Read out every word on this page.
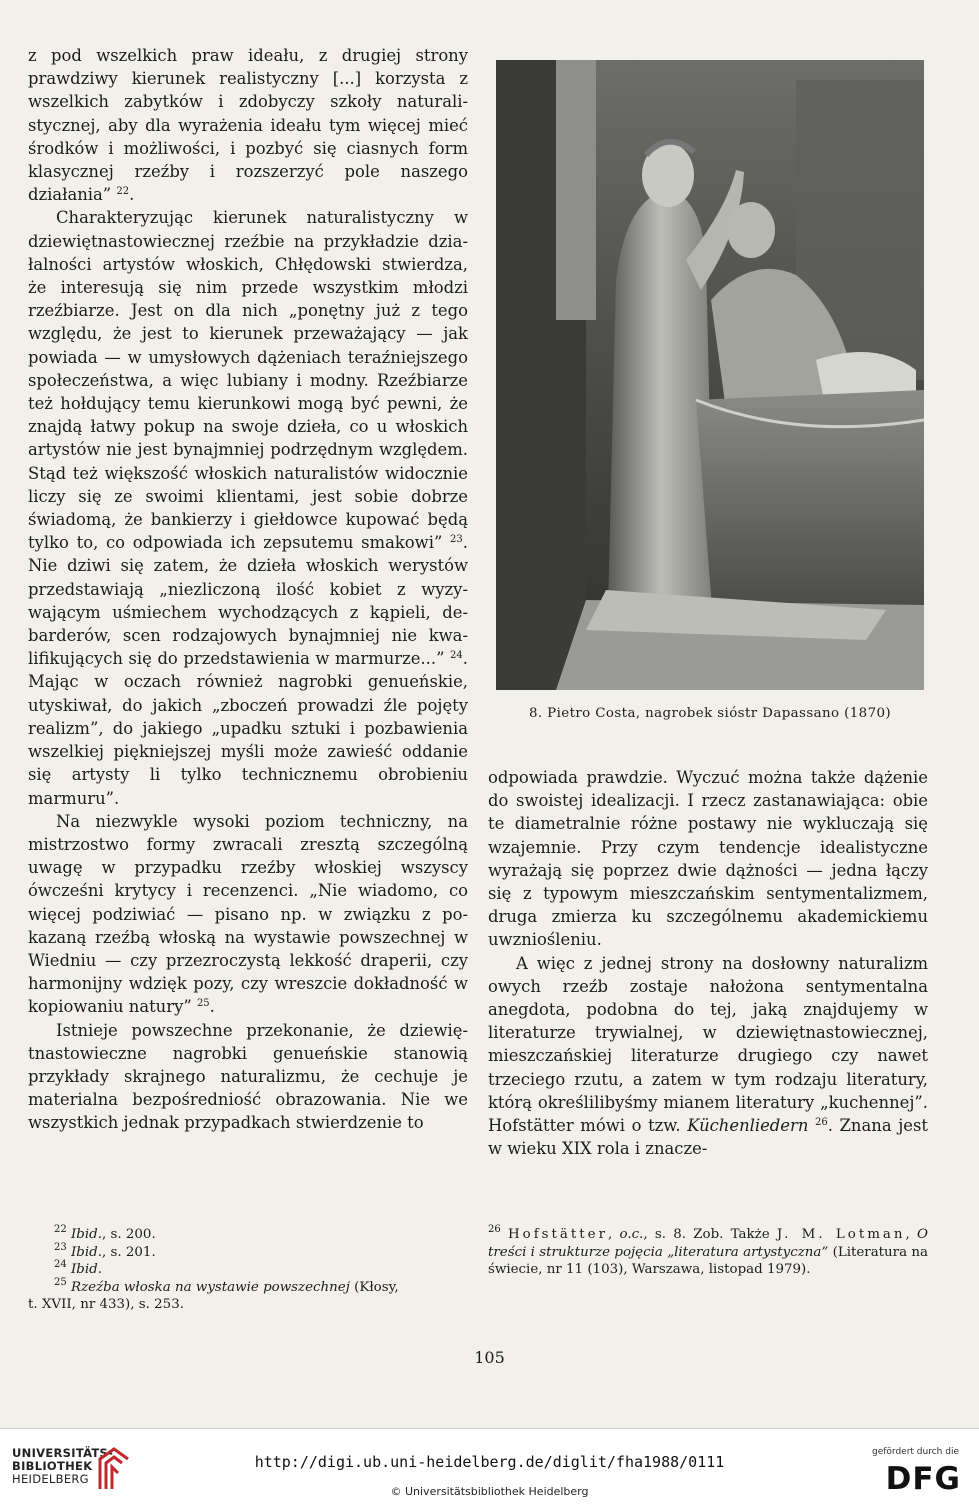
z pod wszelkich praw ideału, z drugiej strony prawdziwy kierunek realistyczny [...] korzysta z wszelkich zabytków i zdobyczy szkoły naturalistycznej, aby dla wyrażenia ideału tym więcej mieć środków i możliwości, i pozbyć się ciasnych form klasycznej rzeźby i rozszerzyć pole naszego działania” $^{22}$.

Charakteryzując kierunek naturalistyczny w dziewiętnastowiecznej rzeźbie na przykładzie działalności artystów włoskich, Chłędowski stwierdza, że interesują się nim przede wszystkim młodzi rzeźbiarze. Jest on dla nich „ponętny już z tego względu, że jest to kierunek przeważający — jak powiada — w umysłowych dążeniach teraźniejszego społeczeństwa, a więc lubiany i modny. Rzeźbiarze też hołdujący temu kierunkowi mogą być pewni, że znajdą łatwy pokup na swoje dzieła, co u włoskich artystów nie jest bynajmniej podrzędnym względem. Stąd też większość włoskich naturalistów widocznie liczy się ze swoimi klientami, jest sobie dobrze świadomą, że bankierzy i giełdowce kupować będą tylko to, co odpowiada ich zepsutemu smakowi” $^{23}$. Nie dziwi się zatem, że dzieła włoskich werystów przedstawiają „niezliczoną ilość kobiet z wyzywającym uśmiechem wychodzących z kąpieli, debarderów, scen rodzajowych bynajmniej nie kwalifikujących się do przedstawienia w marmurze...” $^{24}$. Mając w oczach również nagrobki genueńskie, utyskiwał, do jakich „zboczeń prowadzi źle pojęty realizm”, do jakiego „upadku sztuki i pozbawienia wszelkiej piękniejszej myśli może zawieść oddanie się artysty li tylko technicznemu obrobieniu marmuru”.

Na niezwykle wysoki poziom techniczny, na mistrzostwo formy zwracali zresztą szczególną uwagę w przypadku rzeźby włoskiej wszyscy ówcześni krytycy i recenzenci. „Nie wiadomo, co więcej podziwiać — pisano np. w związku z pokazaną rzeźbą włoską na wystawie powszechnej w Wiedniu — czy przezroczystą lekkość draperii, czy harmonijny wdzięk pozy, czy wreszcie dokładność w kopiowaniu natury” $^{25}$.

Istnieje powszechne przekonanie, że dziewiętnastowieczne nagrobki genueńskie stanowią przykłady skrajnego naturalizmu, że cechuje je materialna bezpośredniość obrazowania. Nie we wszystkich jednak przypadkach stwierdzenie to

8. Pietro Costa, nagrobek sióstr Dapassano (1870)

odpowiada prawdzie. Wyczuć można także dążenie do swoistej idealizacji. I rzecz zastanawiająca: obie te diametralnie różne postawy nie wykluczają się wzajemnie. Przy czym tendencje idealistyczne wyrażają się poprzez dwie dążności — jedna łączy się z typowym mieszczańskim sentymentalizmem, druga zmierza ku szczególnemu akademickiemu uwzniośleniu.

A więc z jednej strony na dosłowny naturalizm owych rzeźb zostaje nałożona sentymentalna anegdota, podobna do tej, jaką znajdujemy w literaturze trywialnej, w dziewiętnastowiecznej, mieszczańskiej literaturze drugiego czy nawet trzeciego rzutu, a zatem w tym rodzaju literatury, którą określilibyśmy mianem literatury „kuchennej”. Hofstätter mówi o tzw. Küchenliedern $^{26}$. Znana jest w wieku XIX rola i znacze-

$^{22}$ Ibid., s. 200.
$^{23}$ Ibid., s. 201.
$^{24}$ Ibid.
$^{25}$ Rzeźba włoska na wystawie powszechnej (Kłosy,
t. XVII, nr 433), s. 253.
$^{26}$ Hofstätter, o.c., s. 8. Zob. Także J. M. Lotman, O treści i strukturze pojęcia „literatura artystyczna” (Literatura na świecie, nr 11 (103), Warszawa, listopad 1979).
105
UNIVERSITÄTS-
BIBLIOTHEK
HEIDELBERG
http://digi.ub.uni-heidelberg.de/diglit/fha1988/0111
© Universitätsbibliothek Heidelberg
gefördert durch die
DFG
